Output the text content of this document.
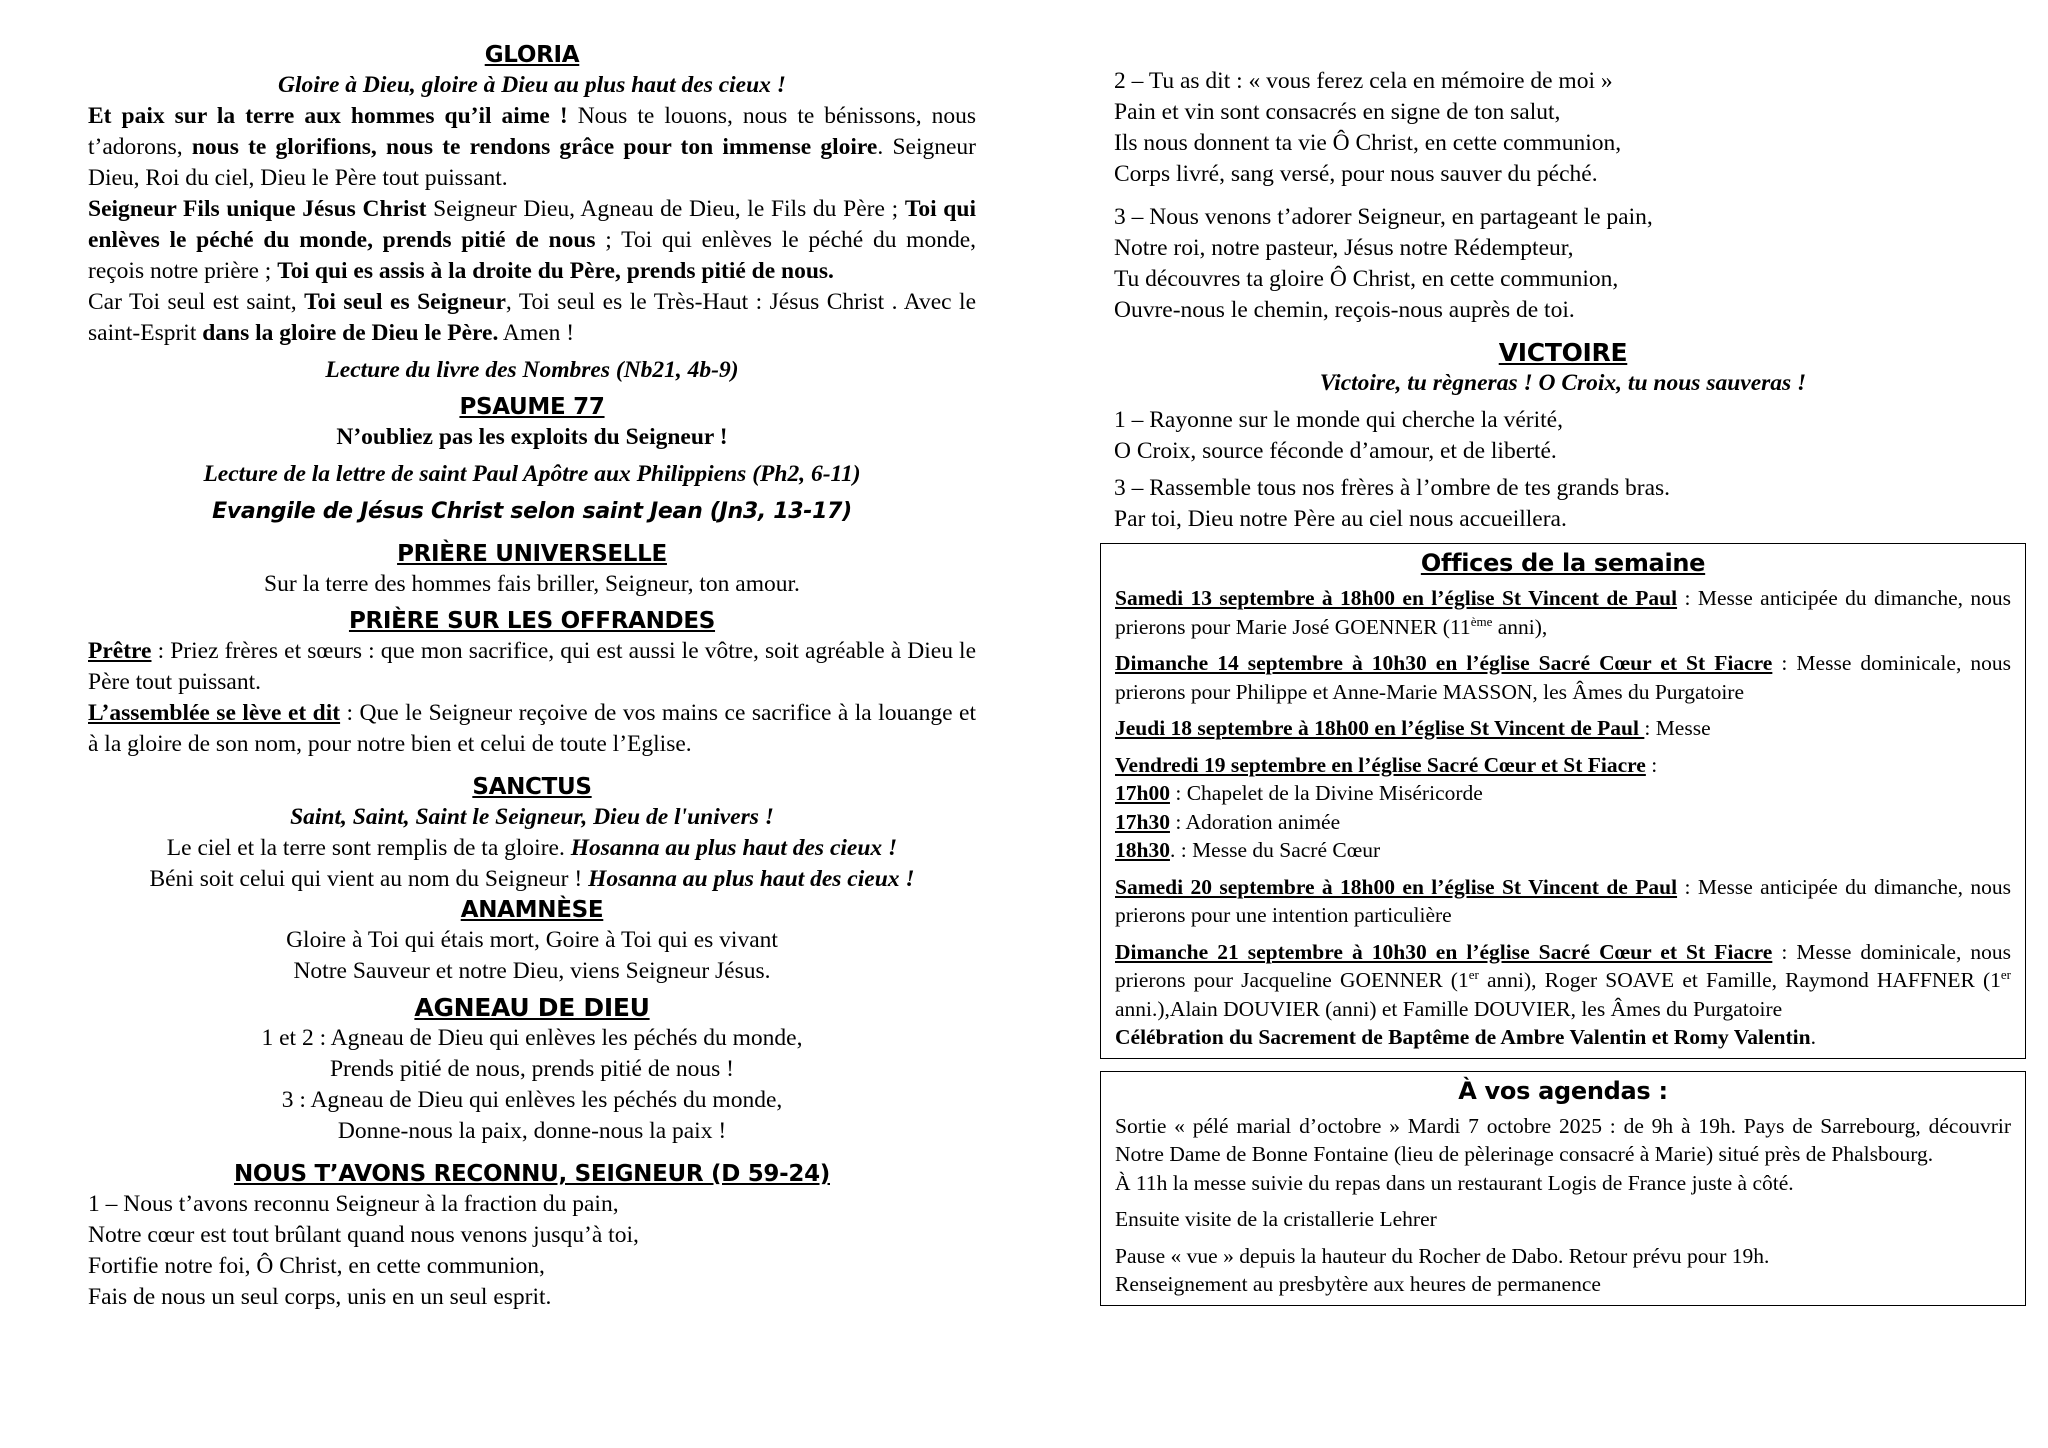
GLORIA
Gloire à Dieu, gloire à Dieu au plus haut des cieux !

Et paix sur la terre aux hommes qu’il aime ! Nous te louons, nous te bénissons, nous t’adorons, nous te glorifions, nous te rendons grâce pour ton immense gloire. Seigneur Dieu, Roi du ciel, Dieu le Père tout puissant.

Seigneur Fils unique Jésus Christ Seigneur Dieu, Agneau de Dieu, le Fils du Père ; Toi qui enlèves le péché du monde, prends pitié de nous ; Toi qui enlèves le péché du monde, reçois notre prière ; Toi qui es assis à la droite du Père, prends pitié de nous.

Car Toi seul est saint, Toi seul es Seigneur, Toi seul es le Très-Haut : Jésus Christ . Avec le saint-Esprit dans la gloire de Dieu le Père. Amen !

Lecture du livre des Nombres (Nb21, 4b-9)
PSAUME 77
N’oubliez pas les exploits du Seigneur !
Lecture de la lettre de saint Paul Apôtre aux Philippiens (Ph2, 6-11)
Evangile de Jésus Christ selon saint Jean (Jn3, 13-17)
PRIÈRE UNIVERSELLE
Sur la terre des hommes fais briller, Seigneur, ton amour.
PRIÈRE SUR LES OFFRANDES

Prêtre : Priez frères et sœurs : que mon sacrifice, qui est aussi le vôtre, soit agréable à Dieu le Père tout puissant.

L’assemblée se lève et dit : Que le Seigneur reçoive de vos mains ce sacrifice à la louange et à la gloire de son nom, pour notre bien et celui de toute l’Eglise.

SANCTUS
Saint, Saint, Saint le Seigneur, Dieu de l'univers !
Le ciel et la terre sont remplis de ta gloire. Hosanna au plus haut des cieux !
Béni soit celui qui vient au nom du Seigneur ! Hosanna au plus haut des cieux !
ANAMNÈSE
Gloire à Toi qui étais mort, Goire à Toi qui es vivant
Notre Sauveur et notre Dieu, viens Seigneur Jésus.
AGNEAU DE DIEU
1 et 2 : Agneau de Dieu qui enlèves les péchés du monde,
Prends pitié de nous, prends pitié de nous !
3 : Agneau de Dieu qui enlèves les péchés du monde,
Donne-nous la paix, donne-nous la paix !
NOUS T’AVONS RECONNU, SEIGNEUR (D 59-24)
1 – Nous t’avons reconnu Seigneur à la fraction du pain,
Notre cœur est tout brûlant quand nous venons jusqu’à toi,
Fortifie notre foi, Ô Christ, en cette communion,
Fais de nous un seul corps, unis en un seul esprit.
2 – Tu as dit : « vous ferez cela en mémoire de moi »
Pain et vin sont consacrés en signe de ton salut,
Ils nous donnent ta vie Ô Christ, en cette communion,
Corps livré, sang versé, pour nous sauver du péché.
3 – Nous venons t’adorer Seigneur, en partageant le pain,
Notre roi, notre pasteur, Jésus notre Rédempteur,
Tu découvres ta gloire Ô Christ, en cette communion,
Ouvre-nous le chemin, reçois-nous auprès de toi.
VICTOIRE
Victoire, tu règneras ! O Croix, tu nous sauveras !
1 – Rayonne sur le monde qui cherche la vérité,
O Croix, source féconde d’amour, et de liberté.
3 – Rassemble tous nos frères à l’ombre de tes grands bras.
Par toi, Dieu notre Père au ciel nous accueillera.
Offices de la semaine

Samedi 13 septembre à 18h00 en l’église St Vincent de Paul : Messe anticipée du dimanche, nous prierons pour Marie José GOENNER (11ème anni),

Dimanche 14 septembre à 10h30 en l’église Sacré Cœur et St Fiacre : Messe dominicale, nous prierons pour Philippe et Anne-Marie MASSON, les Âmes du Purgatoire

Jeudi 18 septembre à 18h00 en l’église St Vincent de Paul : Messe

Vendredi 19 septembre en l’église Sacré Cœur et St Fiacre :
17h00 : Chapelet de la Divine Miséricorde
17h30 : Adoration animée
18h30. : Messe du Sacré Cœur

Samedi 20 septembre à 18h00 en l’église St Vincent de Paul : Messe anticipée du dimanche, nous prierons pour une intention particulière

Dimanche 21 septembre à 10h30 en l’église Sacré Cœur et St Fiacre : Messe dominicale, nous prierons pour Jacqueline GOENNER (1er anni), Roger SOAVE et Famille, Raymond HAFFNER (1er anni.),Alain DOUVIER (anni) et Famille DOUVIER, les Âmes du Purgatoire
Célébration du Sacrement de Baptême de Ambre Valentin et Romy Valentin.

À vos agendas :

Sortie « pélé marial d’octobre » Mardi 7 octobre 2025 : de 9h à 19h. Pays de Sarrebourg, découvrir Notre Dame de Bonne Fontaine (lieu de pèlerinage consacré à Marie) situé près de Phalsbourg.

À 11h la messe suivie du repas dans un restaurant Logis de France juste à côté.

Ensuite visite de la cristallerie Lehrer

Pause « vue » depuis la hauteur du Rocher de Dabo. Retour prévu pour 19h.

Renseignement au presbytère aux heures de permanence
